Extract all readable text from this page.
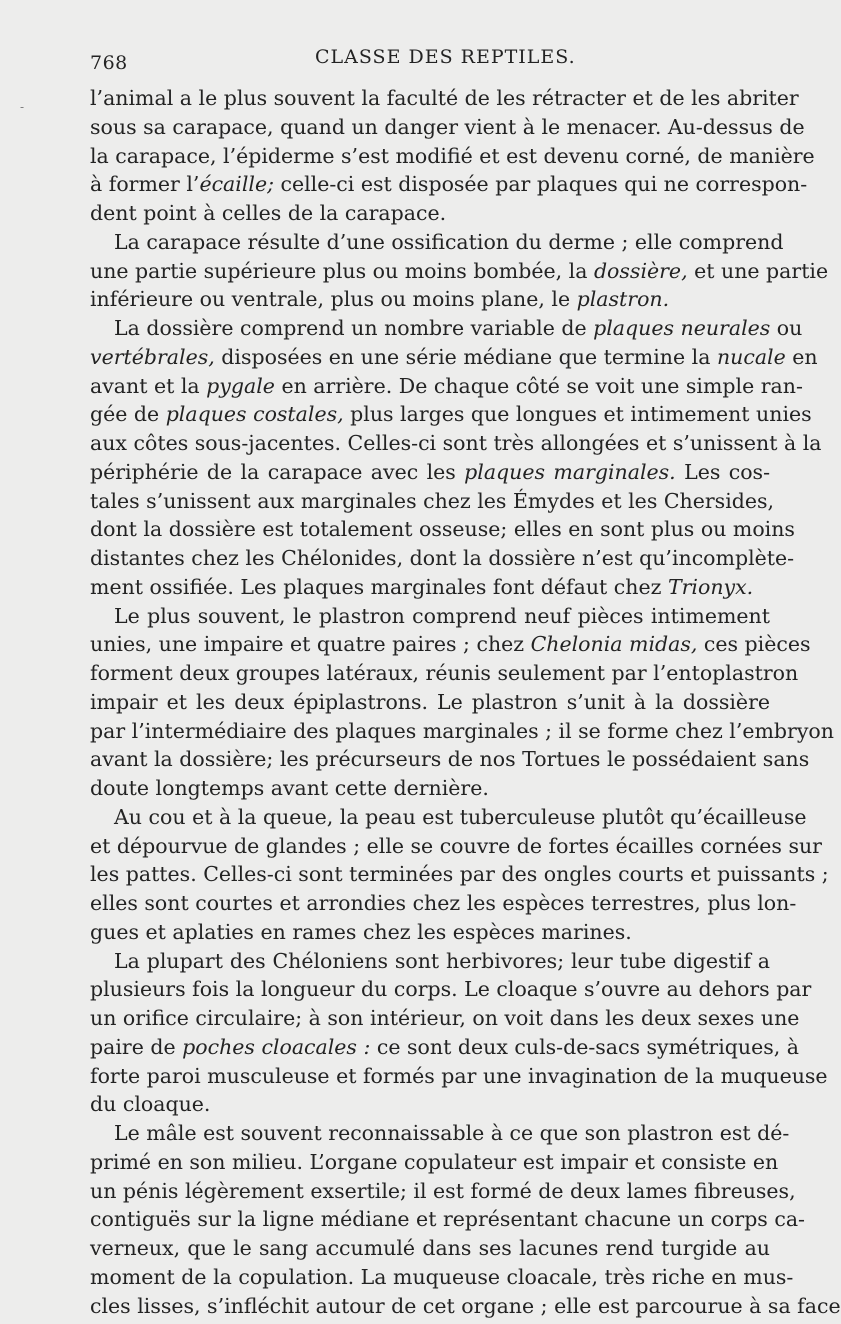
-
768	CLASSE DES REPTILES.
l’animal a le plus souvent la faculté de les rétracter et de les abriter
sous sa carapace, quand un danger vient à le menacer. Au-dessus de
la carapace, l’épiderme s’est modifié et est devenu corné, de manière
à former l’écaille; celle-ci est disposée par plaques qui ne correspon-
dent point à celles de la carapace.
La carapace résulte d’une ossification du derme ; elle comprend
une partie supérieure plus ou moins bombée, la dossière, et une partie
inférieure ou ventrale, plus ou moins plane, le plastron.
La dossière comprend un nombre variable de plaques neurales ou
vertébrales, disposées en une série médiane que termine la nucale en
avant et la pygale en arrière. De chaque côté se voit une simple ran-
gée de plaques costales, plus larges que longues et intimement unies
aux côtes sous-jacentes. Celles-ci sont très allongées et s’unissent à la
périphérie de la carapace avec les plaques marginales. Les cos-
tales s’unissent aux marginales chez les Émydes et les Chersides,
dont la dossière est totalement osseuse; elles en sont plus ou moins
distantes chez les Chélonides, dont la dossière n’est qu’incomplète-
ment ossifiée. Les plaques marginales font défaut chez Trionyx.
Le plus souvent, le plastron comprend neuf pièces intimement
unies, une impaire et quatre paires ; chez Chelonia midas, ces pièces
forment deux groupes latéraux, réunis seulement par l’entoplastron
impair et les deux épiplastrons. Le plastron s’unit à la dossière
par l’intermédiaire des plaques marginales ; il se forme chez l’embryon
avant la dossière; les précurseurs de nos Tortues le possédaient sans
doute longtemps avant cette dernière.
Au cou et à la queue, la peau est tuberculeuse plutôt qu’écailleuse
et dépourvue de glandes ; elle se couvre de fortes écailles cornées sur
les pattes. Celles-ci sont terminées par des ongles courts et puissants ;
elles sont courtes et arrondies chez les espèces terrestres, plus lon-
gues et aplaties en rames chez les espèces marines.
La plupart des Chéloniens sont herbivores; leur tube digestif a
plusieurs fois la longueur du corps. Le cloaque s’ouvre au dehors par
un orifice circulaire; à son intérieur, on voit dans les deux sexes une
paire de poches cloacales : ce sont deux culs-de-sacs symétriques, à
forte paroi musculeuse et formés par une invagination de la muqueuse
du cloaque.
Le mâle est souvent reconnaissable à ce que son plastron est dé-
primé en son milieu. L’organe copulateur est impair et consiste en
un pénis légèrement exsertile; il est formé de deux lames fibreuses,
contiguës sur la ligne médiane et représentant chacune un corps ca-
verneux, que le sang accumulé dans ses lacunes rend turgide au
moment de la copulation. La muqueuse cloacale, très riche en mus-
cles lisses, s’infléchit autour de cet organe ; elle est parcourue à sa face
